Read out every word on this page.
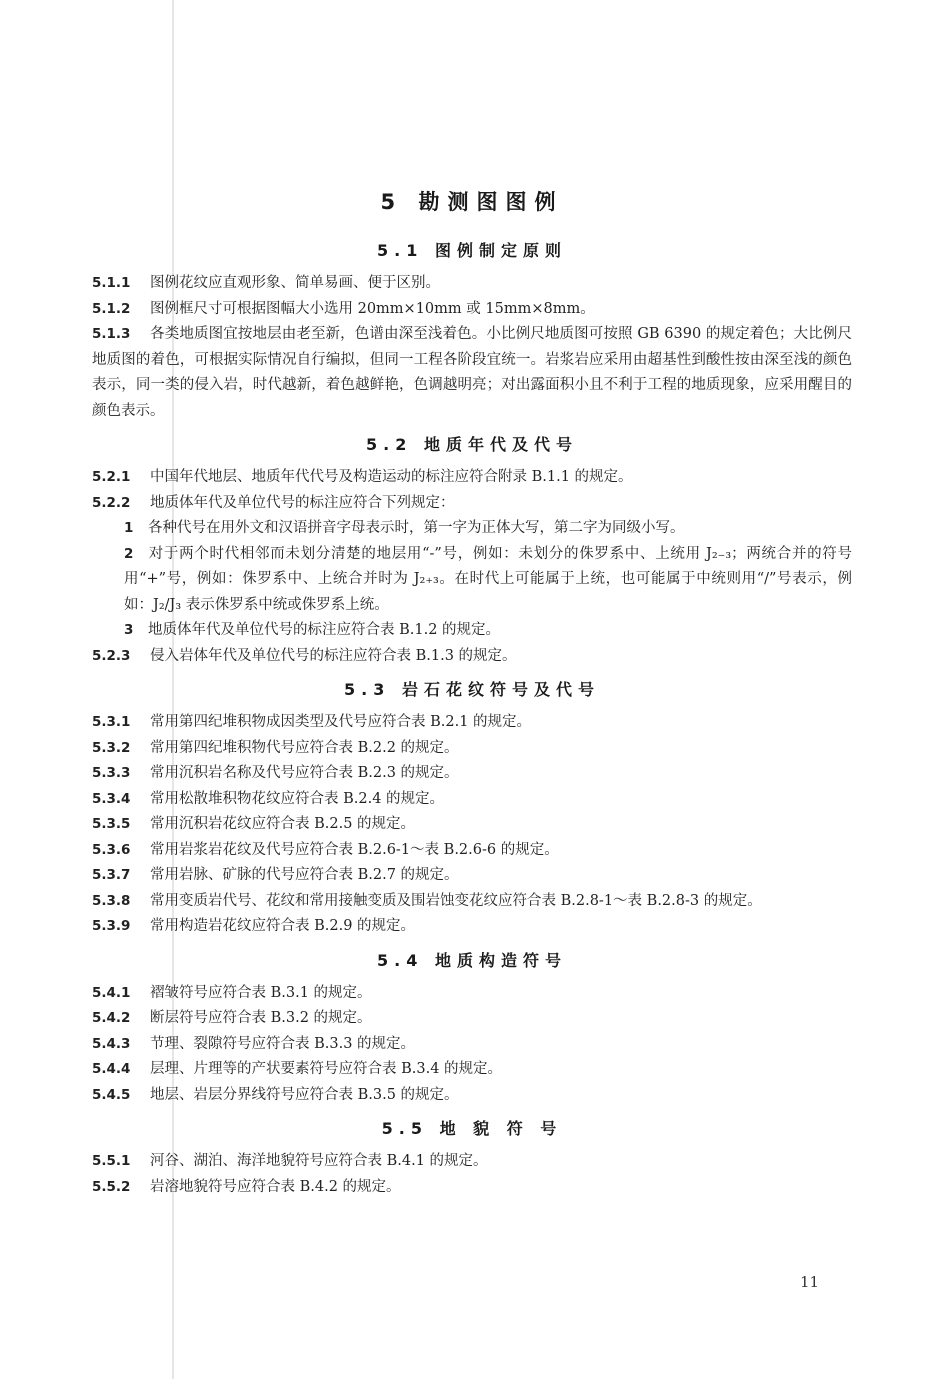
5 勘测图图例
5.1 图例制定原则

5.1.1 图例花纹应直观形象、简单易画、便于区别。

5.1.2 图例框尺寸可根据图幅大小选用 20mm×10mm 或 15mm×8mm。

5.1.3 各类地质图宜按地层由老至新，色谱由深至浅着色。小比例尺地质图可按照 GB 6390 的规定着色；大比例尺地质图的着色，可根据实际情况自行编拟，但同一工程各阶段宜统一。岩浆岩应采用由超基性到酸性按由深至浅的颜色表示，同一类的侵入岩，时代越新，着色越鲜艳，色调越明亮；对出露面积小且不利于工程的地质现象，应采用醒目的颜色表示。

5.2 地质年代及代号

5.2.1 中国年代地层、地质年代代号及构造运动的标注应符合附录 B.1.1 的规定。

5.2.2 地质体年代及单位代号的标注应符合下列规定：

1 各种代号在用外文和汉语拼音字母表示时，第一字为正体大写，第二字为同级小写。

2 对于两个时代相邻而未划分清楚的地层用“-”号，例如：未划分的侏罗系中、上统用 J₂₋₃；两统合并的符号用“+”号，例如：侏罗系中、上统合并时为 J₂₊₃。在时代上可能属于上统，也可能属于中统则用“/”号表示，例如：J₂/J₃ 表示侏罗系中统或侏罗系上统。

3 地质体年代及单位代号的标注应符合表 B.1.2 的规定。

5.2.3 侵入岩体年代及单位代号的标注应符合表 B.1.3 的规定。

5.3 岩石花纹符号及代号

5.3.1 常用第四纪堆积物成因类型及代号应符合表 B.2.1 的规定。

5.3.2 常用第四纪堆积物代号应符合表 B.2.2 的规定。

5.3.3 常用沉积岩名称及代号应符合表 B.2.3 的规定。

5.3.4 常用松散堆积物花纹应符合表 B.2.4 的规定。

5.3.5 常用沉积岩花纹应符合表 B.2.5 的规定。

5.3.6 常用岩浆岩花纹及代号应符合表 B.2.6-1～表 B.2.6-6 的规定。

5.3.7 常用岩脉、矿脉的代号应符合表 B.2.7 的规定。

5.3.8 常用变质岩代号、花纹和常用接触变质及围岩蚀变花纹应符合表 B.2.8-1～表 B.2.8-3 的规定。

5.3.9 常用构造岩花纹应符合表 B.2.9 的规定。

5.4 地质构造符号

5.4.1 褶皱符号应符合表 B.3.1 的规定。

5.4.2 断层符号应符合表 B.3.2 的规定。

5.4.3 节理、裂隙符号应符合表 B.3.3 的规定。

5.4.4 层理、片理等的产状要素符号应符合表 B.3.4 的规定。

5.4.5 地层、岩层分界线符号应符合表 B.3.5 的规定。

5.5 地 貌 符 号

5.5.1 河谷、湖泊、海洋地貌符号应符合表 B.4.1 的规定。

5.5.2 岩溶地貌符号应符合表 B.4.2 的规定。

11
